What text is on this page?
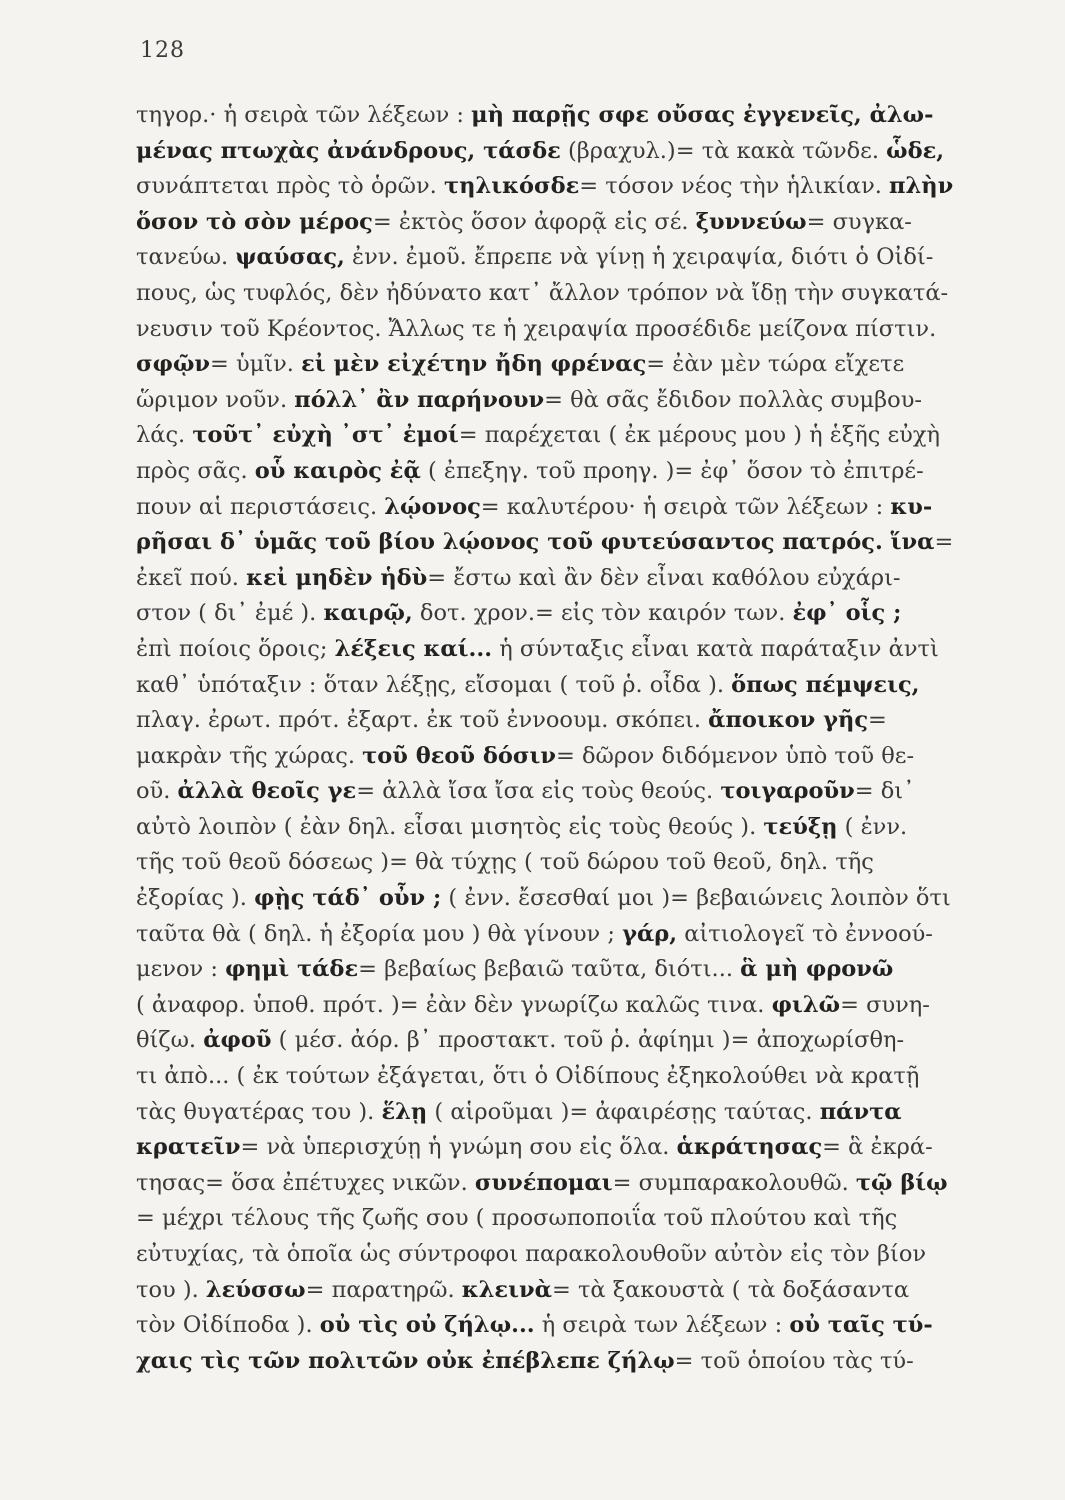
128
τηγορ.· ἡ σειρὰ τῶν λέξεων : μὴ παρῇς σφε οὔσας ἐγγενεῖς, ἀλω-
μένας πτωχὰς ἀνάνδρους, τάσδε (βραχυλ.)= τὰ κακὰ τῶνδε. ὧδε,
συνάπτεται πρὸς τὸ ὁρῶν. τηλικόσδε= τόσον νέος τὴν ἡλικίαν. πλὴν
ὅσον τὸ σὸν μέρος= ἐκτὸς ὅσον ἀφορᾷ εἰς σέ. ξυννεύω= συγκα-
τανεύω. ψαύσας, ἐνν. ἐμοῦ. ἔπρεπε νὰ γίνῃ ἡ χειραψία, διότι ὁ Οἰδί-
πους, ὡς τυφλός, δὲν ἠδύνατο κατ᾽ ἄλλον τρόπον νὰ ἴδῃ τὴν συγκατά-
νευσιν τοῦ Κρέοντος. Ἄλλως τε ἡ χειραψία προσέδιδε μείζονα πίστιν.
σφῷν= ὑμῖν. εἰ μὲν εἰχέτην ἤδη φρένας= ἐὰν μὲν τώρα εἴχετε
ὥριμον νοῦν. πόλλ᾽ ἂν παρήνουν= θὰ σᾶς ἔδιδον πολλὰς συμβου-
λάς. τοῦτ᾽ εὐχὴ ᾽στ᾽ ἐμοί= παρέχεται ( ἐκ μέρους μου ) ἡ ἑξῆς εὐχὴ
πρὸς σᾶς. οὗ καιρὸς ἐᾷ ( ἐπεξηγ. τοῦ προηγ. )= ἐφ᾽ ὅσον τὸ ἐπιτρέ-
πουν αἱ περιστάσεις. λῴονος= καλυτέρου· ἡ σειρὰ τῶν λέξεων : κυ-
ρῆσαι δ᾽ ὑμᾶς τοῦ βίου λῴονος τοῦ φυτεύσαντος πατρός. ἵνα=
ἐκεῖ πού. κεἰ μηδὲν ἡδὺ= ἔστω καὶ ἂν δὲν εἶναι καθόλου εὐχάρι-
στον ( δι᾽ ἐμέ ). καιρῷ, δοτ. χρον.= εἰς τὸν καιρόν των. ἐφ᾽ οἷς ;
ἐπὶ ποίοις ὅροις; λέξεις καί... ἡ σύνταξις εἶναι κατὰ παράταξιν ἀντὶ
καθ᾽ ὑπόταξιν : ὅταν λέξῃς, εἴσομαι ( τοῦ ῥ. οἶδα ). ὅπως πέμψεις,
πλαγ. ἐρωτ. πρότ. ἐξαρτ. ἐκ τοῦ ἐννοουμ. σκόπει. ἄποικον γῆς=
μακρὰν τῆς χώρας. τοῦ θεοῦ δόσιν= δῶρον διδόμενον ὑπὸ τοῦ θε-
οῦ. ἀλλὰ θεοῖς γε= ἀλλὰ ἴσα ἴσα εἰς τοὺς θεούς. τοιγαροῦν= δι᾽
αὐτὸ λοιπὸν ( ἐὰν δηλ. εἶσαι μισητὸς εἰς τοὺς θεούς ). τεύξῃ ( ἐνν.
τῆς τοῦ θεοῦ δόσεως )= θὰ τύχῃς ( τοῦ δώρου τοῦ θεοῦ, δηλ. τῆς
ἐξορίας ). φῂς τάδ᾽ οὖν ; ( ἐνν. ἔσεσθαί μοι )= βεβαιώνεις λοιπὸν ὅτι
ταῦτα θὰ ( δηλ. ἡ ἐξορία μου ) θὰ γίνουν ; γάρ, αἰτιολογεῖ τὸ ἐννοού-
μενον : φημὶ τάδε= βεβαίως βεβαιῶ ταῦτα, διότι... ἃ μὴ φρονῶ
( ἀναφορ. ὑποθ. πρότ. )= ἐὰν δὲν γνωρίζω καλῶς τινα. φιλῶ= συνη-
θίζω. ἀφοῦ ( μέσ. ἀόρ. β᾽ προστακτ. τοῦ ῥ. ἀφίημι )= ἀποχωρίσθη-
τι ἀπὸ... ( ἐκ τούτων ἐξάγεται, ὅτι ὁ Οἰδίπους ἐξηκολούθει νὰ κρατῇ
τὰς θυγατέρας του ). ἕλῃ ( αἱροῦμαι )= ἀφαιρέσῃς ταύτας. πάντα
κρατεῖν= νὰ ὑπερισχύῃ ἡ γνώμη σου εἰς ὅλα. ἁκράτησας= ἃ ἐκρά-
τησας= ὅσα ἐπέτυχες νικῶν. συνέπομαι= συμπαρακολουθῶ. τῷ βίῳ
= μέχρι τέλους τῆς ζωῆς σου ( προσωποποιΐα τοῦ πλούτου καὶ τῆς
εὐτυχίας, τὰ ὁποῖα ὡς σύντροφοι παρακολουθοῦν αὐτὸν εἰς τὸν βίον
του ). λεύσσω= παρατηρῶ. κλεινὰ= τὰ ξακουστὰ ( τὰ δοξάσαντα
τὸν Οἰδίποδα ). οὐ τὶς οὐ ζήλῳ... ἡ σειρὰ των λέξεων : οὐ ταῖς τύ-
χαις τὶς τῶν πολιτῶν οὐκ ἐπέβλεπε ζήλῳ= τοῦ ὁποίου τὰς τύ-
